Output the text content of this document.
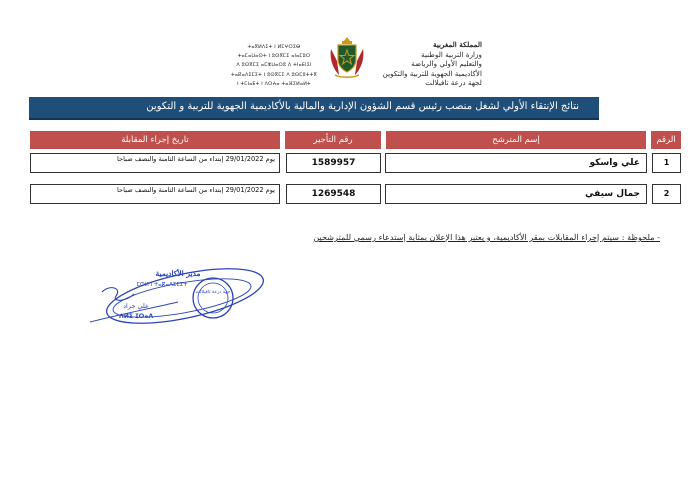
المملكة المغربية
وزارة التربية الوطنية
والتعليم الأولي والرياضة
الأكاديمية الجهوية للتربية والتكوين
لجهة درعة تافيلالت
ⵜⴰⴳⵍⴷⵉⵜ ⵏ ⵍⵎⵖⵔⵉⴱ
ⵜⴰⵎⴰⵡⴰⵙⵜ ⵏ ⵓⵙⴳⵎⵉ ⴰⵏⴰⵎⵓⵔ
ⴷ ⵓⵙⴳⵎⵉ ⴰⵎⵣⵡⴰⵔⵓ ⴷ ⵜⵏⴰⴹⵏⵉⵏ
ⵜⴰⴽⴰⴷⵉⵎⵉⵜ ⵏ ⵓⵙⴳⵎⵉ ⴷ ⵓⵙⵎⵓⵜⵜⴳ
ⵏ ⵜⵎⵏⴰⴹⵜ ⵏ ⴷⵔⵄⴰ ⵜⴰⴼⵉⵍⴰⵍⵜ
نتائج الإنتقاء الأولي لشغل منصب رئيس قسم الشؤون الإدارية والمالية بالأكاديمية الجهوية للتربية و التكوين
الرقم
إسم المترشح
رقم التأجير
تاريخ إجراء المقابلة
1
علي واسكو
1589957
يوم 29/01/2022 إبتداء من الساعة الثامنة والنصف صباحا
2
جمال سيفي
1269548
يوم 29/01/2022 إبتداء من الساعة الثامنة والنصف صباحا
- ملحوظة : سيتم إجراء المقابلات بمقر الأكاديمية، و يعتبر هذا الإعلان بمثابة إستدعاء رسمي للمترشحين
مدير الأكاديمية
ⵎⵙⵍ ⵏ ⵜⴰⴽⴰⴷⵉⵎⵉⵜ
جهة درعة تافيلالت
علي جراد
ⵄⵍⵉ ⵊⵔⴰⴷ
